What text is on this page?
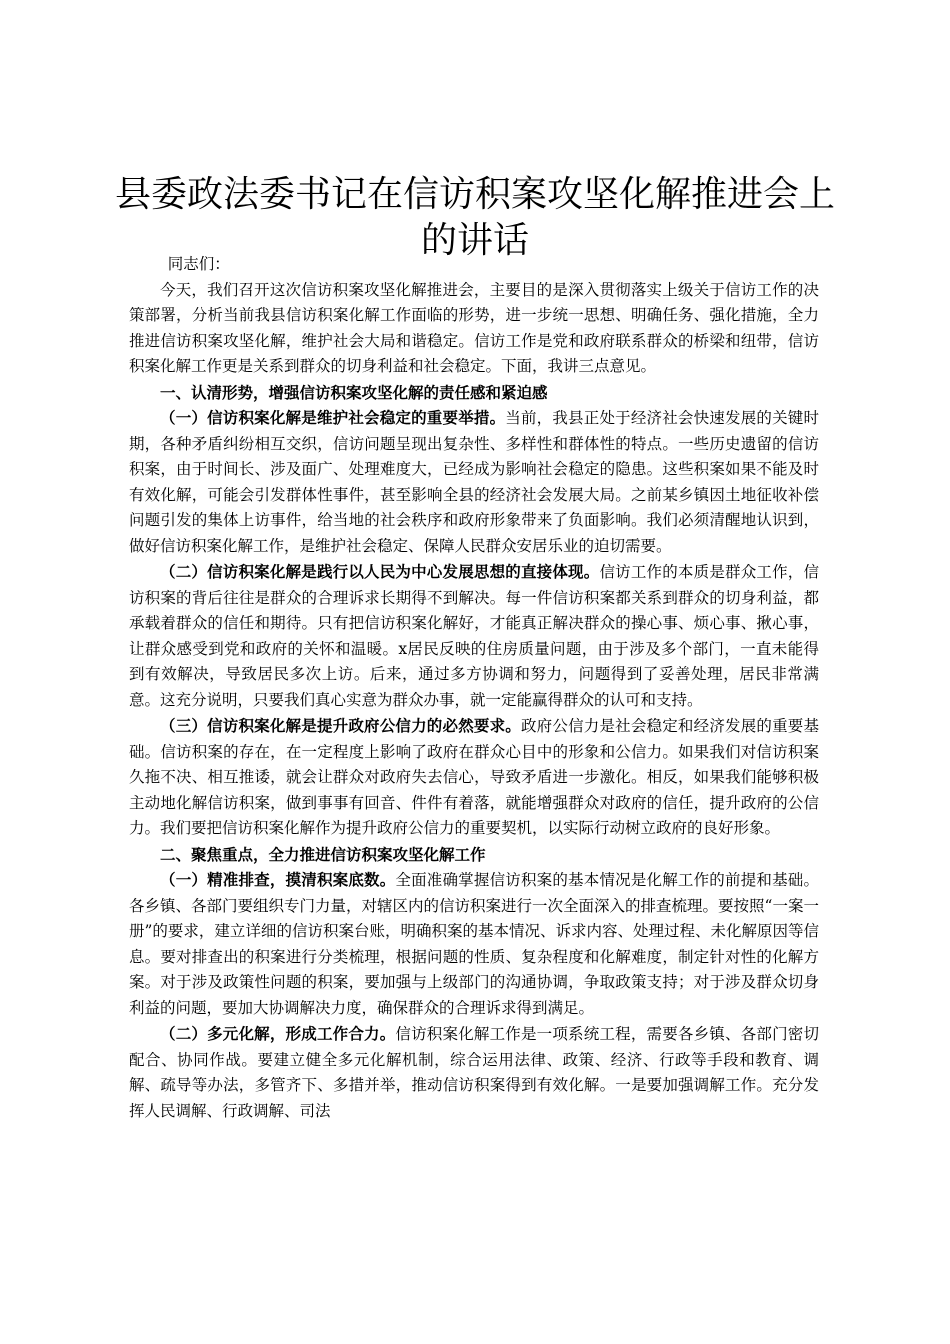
县委政法委书记在信访积案攻坚化解推进会上的讲话

同志们：

今天，我们召开这次信访积案攻坚化解推进会，主要目的是深入贯彻落实上级关于信访工作的决策部署，分析当前我县信访积案化解工作面临的形势，进一步统一思想、明确任务、强化措施，全力推进信访积案攻坚化解，维护社会大局和谐稳定。信访工作是党和政府联系群众的桥梁和纽带，信访积案化解工作更是关系到群众的切身利益和社会稳定。下面，我讲三点意见。

一、认清形势，增强信访积案攻坚化解的责任感和紧迫感

（一）信访积案化解是维护社会稳定的重要举措。当前，我县正处于经济社会快速发展的关键时期，各种矛盾纠纷相互交织，信访问题呈现出复杂性、多样性和群体性的特点。一些历史遗留的信访积案，由于时间长、涉及面广、处理难度大，已经成为影响社会稳定的隐患。这些积案如果不能及时有效化解，可能会引发群体性事件，甚至影响全县的经济社会发展大局。之前某乡镇因土地征收补偿问题引发的集体上访事件，给当地的社会秩序和政府形象带来了负面影响。我们必须清醒地认识到，做好信访积案化解工作，是维护社会稳定、保障人民群众安居乐业的迫切需要。

（二）信访积案化解是践行以人民为中心发展思想的直接体现。信访工作的本质是群众工作，信访积案的背后往往是群众的合理诉求长期得不到解决。每一件信访积案都关系到群众的切身利益，都承载着群众的信任和期待。只有把信访积案化解好，才能真正解决群众的操心事、烦心事、揪心事，让群众感受到党和政府的关怀和温暖。x居民反映的住房质量问题，由于涉及多个部门，一直未能得到有效解决，导致居民多次上访。后来，通过多方协调和努力，问题得到了妥善处理，居民非常满意。这充分说明，只要我们真心实意为群众办事，就一定能赢得群众的认可和支持。

（三）信访积案化解是提升政府公信力的必然要求。政府公信力是社会稳定和经济发展的重要基础。信访积案的存在，在一定程度上影响了政府在群众心目中的形象和公信力。如果我们对信访积案久拖不决、相互推诿，就会让群众对政府失去信心，导致矛盾进一步激化。相反，如果我们能够积极主动地化解信访积案，做到事事有回音、件件有着落，就能增强群众对政府的信任，提升政府的公信力。我们要把信访积案化解作为提升政府公信力的重要契机，以实际行动树立政府的良好形象。

二、聚焦重点，全力推进信访积案攻坚化解工作

（一）精准排查，摸清积案底数。全面准确掌握信访积案的基本情况是化解工作的前提和基础。各乡镇、各部门要组织专门力量，对辖区内的信访积案进行一次全面深入的排查梳理。要按照“一案一册”的要求，建立详细的信访积案台账，明确积案的基本情况、诉求内容、处理过程、未化解原因等信息。要对排查出的积案进行分类梳理，根据问题的性质、复杂程度和化解难度，制定针对性的化解方案。对于涉及政策性问题的积案，要加强与上级部门的沟通协调，争取政策支持；对于涉及群众切身利益的问题，要加大协调解决力度，确保群众的合理诉求得到满足。

（二）多元化解，形成工作合力。信访积案化解工作是一项系统工程，需要各乡镇、各部门密切配合、协同作战。要建立健全多元化解机制，综合运用法律、政策、经济、行政等手段和教育、调解、疏导等办法，多管齐下、多措并举，推动信访积案得到有效化解。一是要加强调解工作。充分发挥人民调解、行政调解、司法
